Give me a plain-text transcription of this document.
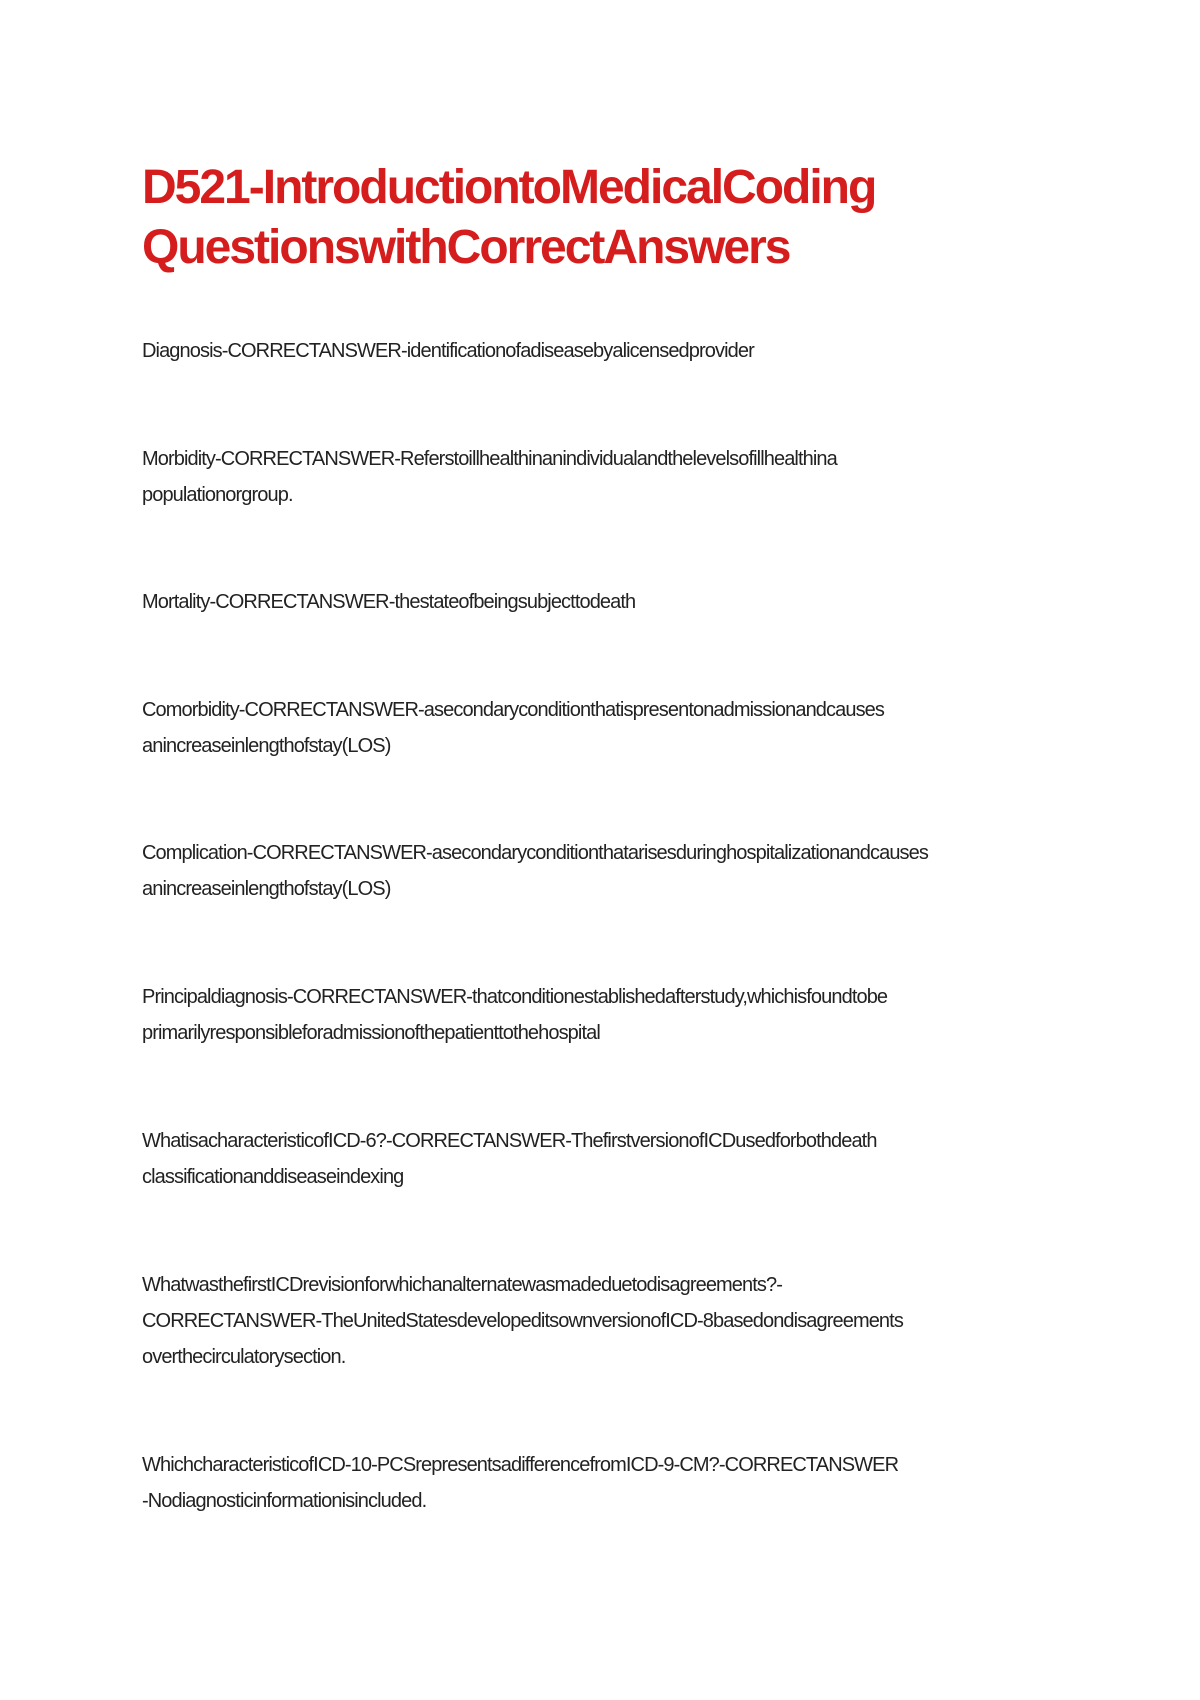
D521-IntroductiontoMedicalCoding
QuestionswithCorrectAnswers

Diagnosis-CORRECTANSWER-identificationofadiseasebyalicensedprovider

Morbidity-CORRECTANSWER-Referstoillhealthinanindividualandthelevelsofillhealthina
populationorgroup.

Mortality-CORRECTANSWER-thestateofbeingsubjecttodeath

Comorbidity-CORRECTANSWER-asecondaryconditionthatispresentonadmissionandcauses
anincreaseinlengthofstay(LOS)

Complication-CORRECTANSWER-asecondaryconditionthatarisesduringhospitalizationandcauses
anincreaseinlengthofstay(LOS)

Principaldiagnosis-CORRECTANSWER-thatconditionestablishedafterstudy,whichisfoundtobe
primarilyresponsibleforadmissionofthepatienttothehospital

WhatisacharacteristicofICD-6?-CORRECTANSWER-ThefirstversionofICDusedforbothdeath
classificationanddiseaseindexing

WhatwasthefirstICDrevisionforwhichanalternatewasmadeduetodisagreements?-
CORRECTANSWER-TheUnitedStatesdevelopeditsownversionofICD-8basedondisagreements
overthecirculatorysection.

WhichcharacteristicofICD-10-PCSrepresentsadifferencefromICD-9-CM?-CORRECTANSWER
-Nodiagnosticinformationisincluded.
